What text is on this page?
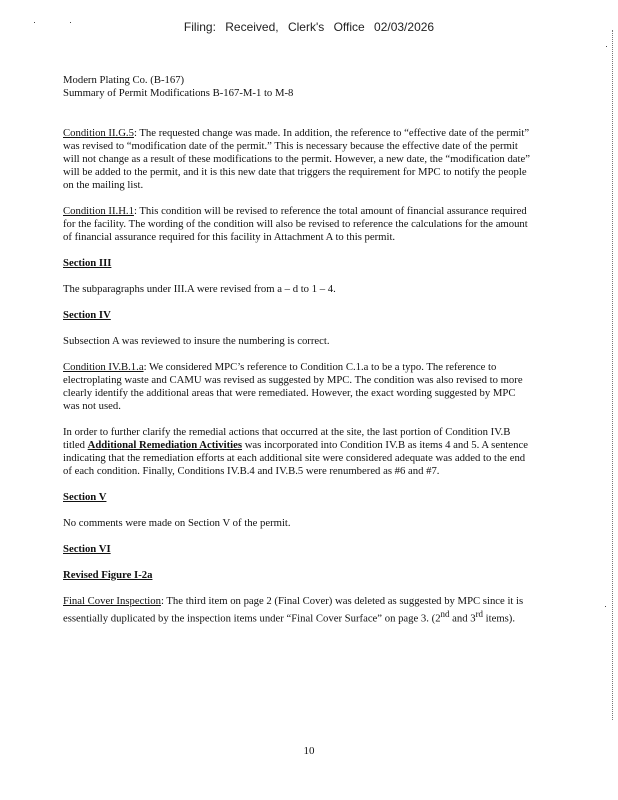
Filing: Received, Clerk's Office 02/03/2026

Modern Plating Co. (B-167)

Summary of Permit Modifications B-167-M-1 to M-8

Condition II.G.5: The requested change was made. In addition, the reference to “effective date of the permit” was revised to “modification date of the permit.” This is necessary because the effective date of the permit will not change as a result of these modifications to the permit. However, a new date, the “modification date” will be added to the permit, and it is this new date that triggers the requirement for MPC to notify the people on the mailing list.

Condition II.H.1: This condition will be revised to reference the total amount of financial assurance required for the facility. The wording of the condition will also be revised to reference the calculations for the amount of financial assurance required for this facility in Attachment A to this permit.

Section III

The subparagraphs under III.A were revised from a – d to 1 – 4.

Section IV

Subsection A was reviewed to insure the numbering is correct.

Condition IV.B.1.a: We considered MPC’s reference to Condition C.1.a to be a typo. The reference to electroplating waste and CAMU was revised as suggested by MPC. The condition was also revised to more clearly identify the additional areas that were remediated. However, the exact wording suggested by MPC was not used.

In order to further clarify the remedial actions that occurred at the site, the last portion of Condition IV.B titled Additional Remediation Activities was incorporated into Condition IV.B as items 4 and 5. A sentence indicating that the remediation efforts at each additional site were considered adequate was added to the end of each condition. Finally, Conditions IV.B.4 and IV.B.5 were renumbered as #6 and #7.

Section V

No comments were made on Section V of the permit.

Section VI

Revised Figure I-2a

Final Cover Inspection: The third item on page 2 (Final Cover) was deleted as suggested by MPC since it is essentially duplicated by the inspection items under “Final Cover Surface” on page 3. (2nd and 3rd items).

10
